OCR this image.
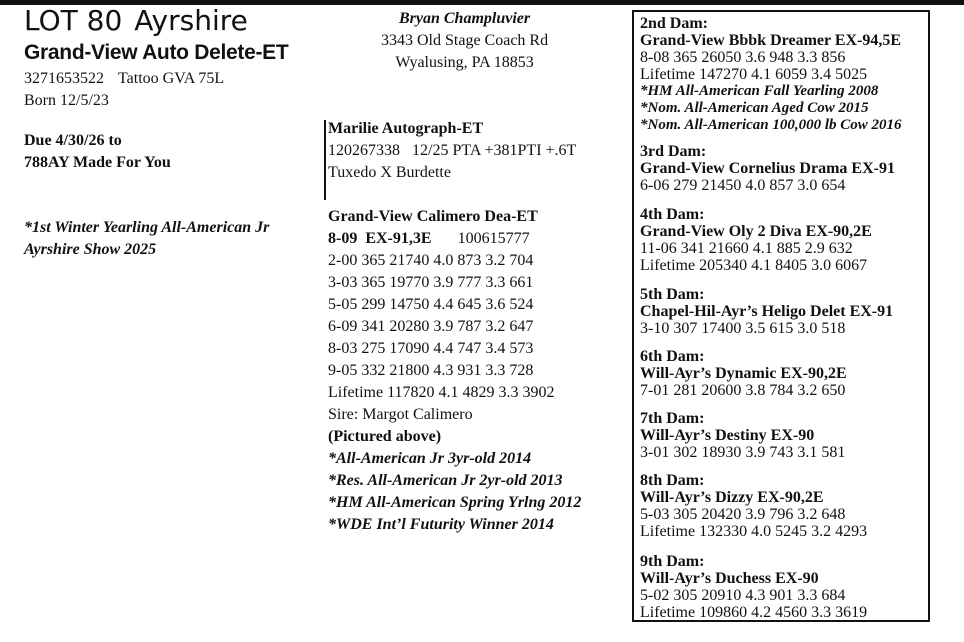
LOT 80 Ayrshire
Grand-View Auto Delete-ET
3271653522 Tattoo GVA 75L
Born 12/5/23
Due 4/30/26 to
788AY Made For You
*1st Winter Yearling All-American Jr
Ayrshire Show 2025
Bryan Champluvier
3343 Old Stage Coach Rd
Wyalusing, PA 18853
Marilie Autograph-ET
120267338   12/25 PTA +381PTI +.6T
Tuxedo X Burdette
Grand-View Calimero Dea-ET
8-09  EX-91,3E 100615777
2-00 365 21740 4.0 873 3.2 704
3-03 365 19770 3.9 777 3.3 661
5-05 299 14750 4.4 645 3.6 524
6-09 341 20280 3.9 787 3.2 647
8-03 275 17090 4.4 747 3.4 573
9-05 332 21800 4.3 931 3.3 728
Lifetime 117820 4.1 4829 3.3 3902
Sire: Margot Calimero
(Pictured above)
*All-American Jr 3yr-old 2014
*Res. All-American Jr 2yr-old 2013
*HM All-American Spring Yrlng 2012
*WDE Int’l Futurity Winner 2014
2nd Dam:
Grand-View Bbbk Dreamer EX-94,5E
8-08 365 26050 3.6 948 3.3 856
Lifetime 147270 4.1 6059 3.4 5025
*HM All-American Fall Yearling 2008
*Nom. All-American Aged Cow 2015
*Nom. All-American 100,000 lb Cow 2016
3rd Dam:
Grand-View Cornelius Drama EX-91
6-06 279 21450 4.0 857 3.0 654
4th Dam:
Grand-View Oly 2 Diva EX-90,2E
11-06 341 21660 4.1 885 2.9 632
Lifetime 205340 4.1 8405 3.0 6067
5th Dam:
Chapel-Hil-Ayr’s Heligo Delet EX-91
3-10 307 17400 3.5 615 3.0 518
6th Dam:
Will-Ayr’s Dynamic EX-90,2E
7-01 281 20600 3.8 784 3.2 650
7th Dam:
Will-Ayr’s Destiny EX-90
3-01 302 18930 3.9 743 3.1 581
8th Dam:
Will-Ayr’s Dizzy EX-90,2E
5-03 305 20420 3.9 796 3.2 648
Lifetime 132330 4.0 5245 3.2 4293
9th Dam:
Will-Ayr’s Duchess EX-90
5-02 305 20910 4.3 901 3.3 684
Lifetime 109860 4.2 4560 3.3 3619
